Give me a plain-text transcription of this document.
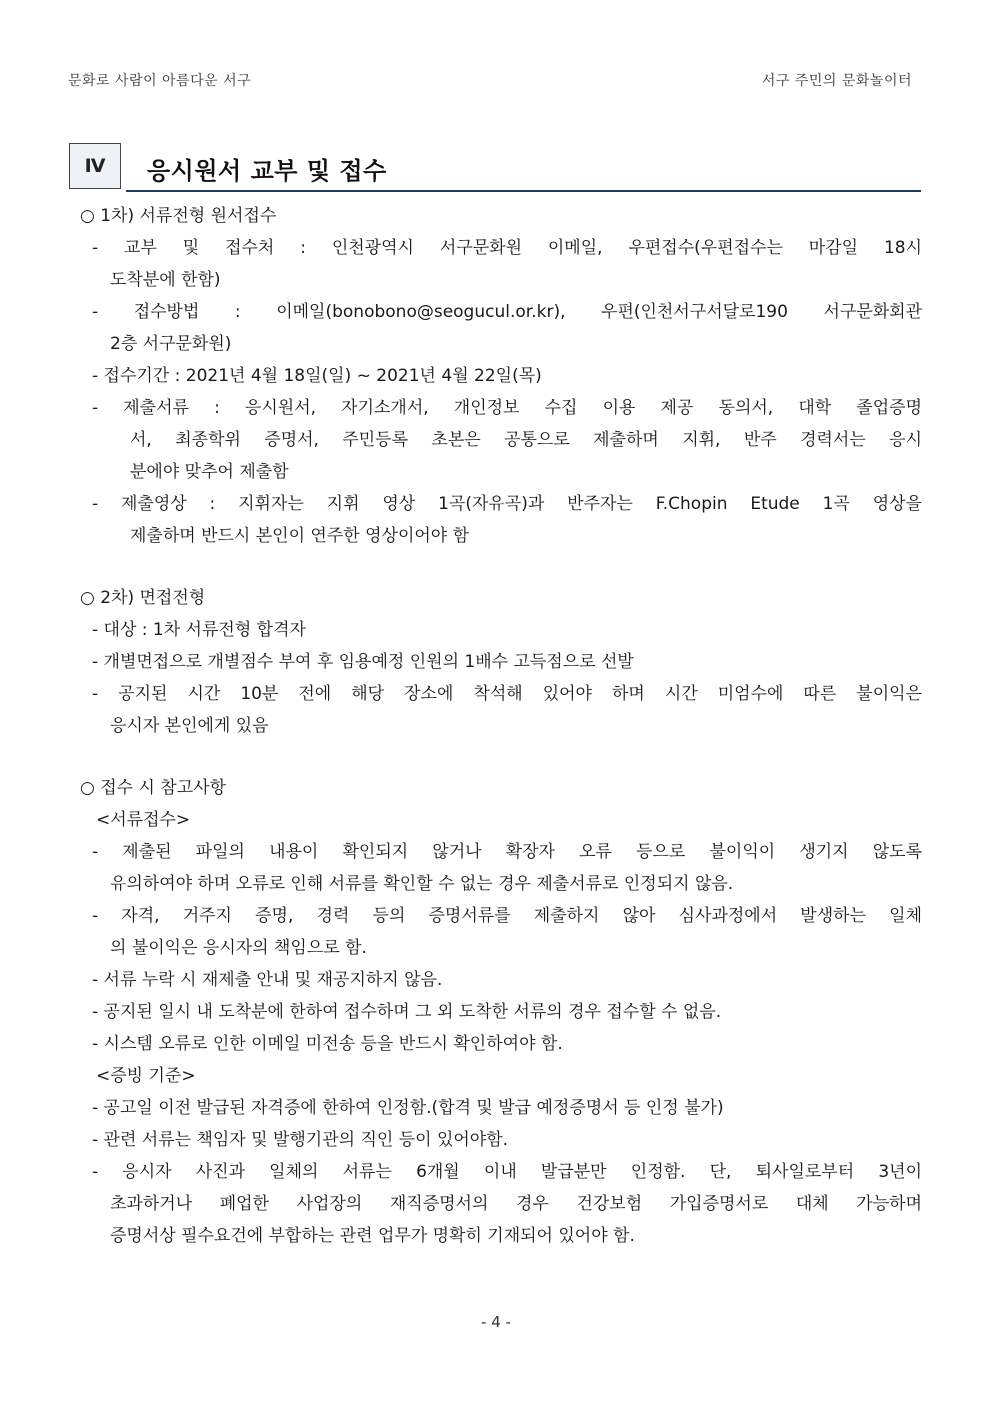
문화로 사람이 아름다운 서구	서구 주민의 문화놀이터
Ⅳ	응시원서 교부 및 접수
○ 1차) 서류전형 원서접수
- 교부 및 접수처 : 인천광역시 서구문화원 이메일, 우편접수(우편접수는 마감일 18시
도착분에 한함)
- 접수방법 : 이메일(bonobono@seogucul.or.kr), 우편(인천서구서달로190 서구문화회관
2층 서구문화원)
- 접수기간 : 2021년 4월 18일(일) ~ 2021년 4월 22일(목)
- 제출서류 : 응시원서, 자기소개서, 개인정보 수집 이용 제공 동의서, 대학 졸업증명
서, 최종학위 증명서, 주민등록 초본은 공통으로 제출하며 지휘, 반주 경력서는 응시
분에야 맞추어 제출함
- 제출영상 : 지휘자는 지휘 영상 1곡(자유곡)과 반주자는 F.Chopin Etude 1곡 영상을
제출하며 반드시 본인이 연주한 영상이어야 함
○ 2차) 면접전형
- 대상 : 1차 서류전형 합격자
- 개별면접으로 개별점수 부여 후 임용예정 인원의 1배수 고득점으로 선발
- 공지된 시간 10분 전에 해당 장소에 착석해 있어야 하며 시간 미엄수에 따른 불이익은
응시자 본인에게 있음
○ 접수 시 참고사항
<서류접수>
- 제출된 파일의 내용이 확인되지 않거나 확장자 오류 등으로 불이익이 생기지 않도록
유의하여야 하며 오류로 인해 서류를 확인할 수 없는 경우 제출서류로 인정되지 않음.
- 자격, 거주지 증명, 경력 등의 증명서류를 제출하지 않아 심사과정에서 발생하는 일체
의 불이익은 응시자의 책임으로 함.
- 서류 누락 시 재제출 안내 및 재공지하지 않음.
- 공지된 일시 내 도착분에 한하여 접수하며 그 외 도착한 서류의 경우 접수할 수 없음.
- 시스템 오류로 인한 이메일 미전송 등을 반드시 확인하여야 함.
<증빙 기준>
- 공고일 이전 발급된 자격증에 한하여 인정함.(합격 및 발급 예정증명서 등 인정 불가)
- 관련 서류는 책임자 및 발행기관의 직인 등이 있어야함.
- 응시자 사진과 일체의 서류는 6개월 이내 발급분만 인정함. 단, 퇴사일로부터 3년이
초과하거나 폐업한 사업장의 재직증명서의 경우 건강보험 가입증명서로 대체 가능하며
증명서상 필수요건에 부합하는 관련 업무가 명확히 기재되어 있어야 함.
- 4 -
